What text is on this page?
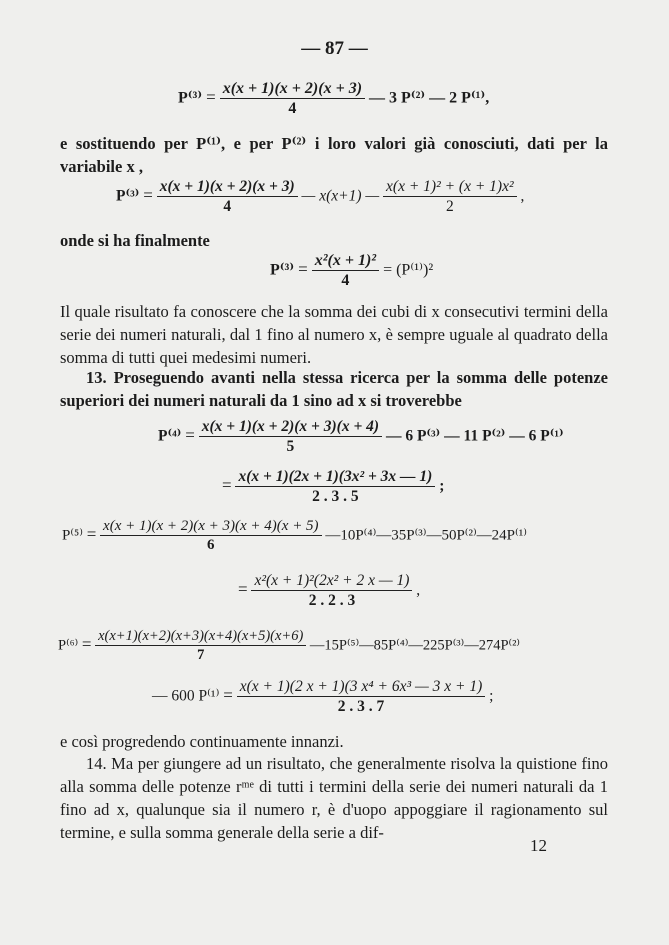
— 87 —
$P^{(3)} = \frac{x(x + 1)(x + 2)(x + 3)}{4}$ — 3 P⁽²⁾ — 2 P⁽¹⁾,

e sostituendo per P⁽¹⁾, e per P⁽²⁾ i loro valori già conosciuti, dati per la variabile x ,

$P^{(3)} = \frac{x(x + 1)(x + 2)(x + 3)}{4}$ — x(x+1) — $\frac{\text{x(x + 1)² + (x + 1)x²}}{2}$ ,

onde si ha finalmente

$P^{(3)} = \frac{\text{x²(x + 1)²}}{4} = (P^{(1)})^2$

Il quale risultato fa conoscere che la somma dei cubi di x consecutivi termini della serie dei numeri naturali, dal 1 fino al numero x, è sempre uguale al quadrato della somma di tutti quei medesimi numeri.

13. Proseguendo avanti nella stessa ricerca per la somma delle potenze superiori dei numeri naturali da 1 sino ad x si troverebbe

$P^{(4)} = \frac{x(x + 1)(x + 2)(x + 3)(x + 4)}{5}$ — 6 P⁽³⁾ — 11 P⁽²⁾ — 6 P⁽¹⁾
= $\frac{\text{x(x + 1)(2x + 1)(3x² + 3x — 1)}}{2 . 3 . 5}$ ;
$P^{(5)} = \frac{x(x + 1)(x + 2)(x + 3)(x + 4)(x + 5)}{6}$ —10P⁽⁴⁾—35P⁽³⁾—50P⁽²⁾—24P⁽¹⁾
= $\frac{\text{x²(x + 1)²(2x² + 2 x — 1)}}{2 . 2 . 3}$ ,
$P^{(6)} = \frac{x(x+1)(x+2)(x+3)(x+4)(x+5)(x+6)}{7}$ —15P⁽⁵⁾—85P⁽⁴⁾—225P⁽³⁾—274P⁽²⁾
— 600 $P^{(1)} = \frac{\text{x(x + 1)(2 x + 1)(3 x⁴ + 6x³ — 3 x + 1)}}{2 . 3 . 7}$ ;

e così progredendo continuamente innanzi.

14. Ma per giungere ad un risultato, che generalmente risolva la quistione fino alla somma delle potenze rᵐᵉ di tutti i termini della serie dei numeri naturali da 1 fino ad x, qualunque sia il numero r, è d'uopo appoggiare il ragionamento sul termine, e sulla somma generale della serie a dif-

12
